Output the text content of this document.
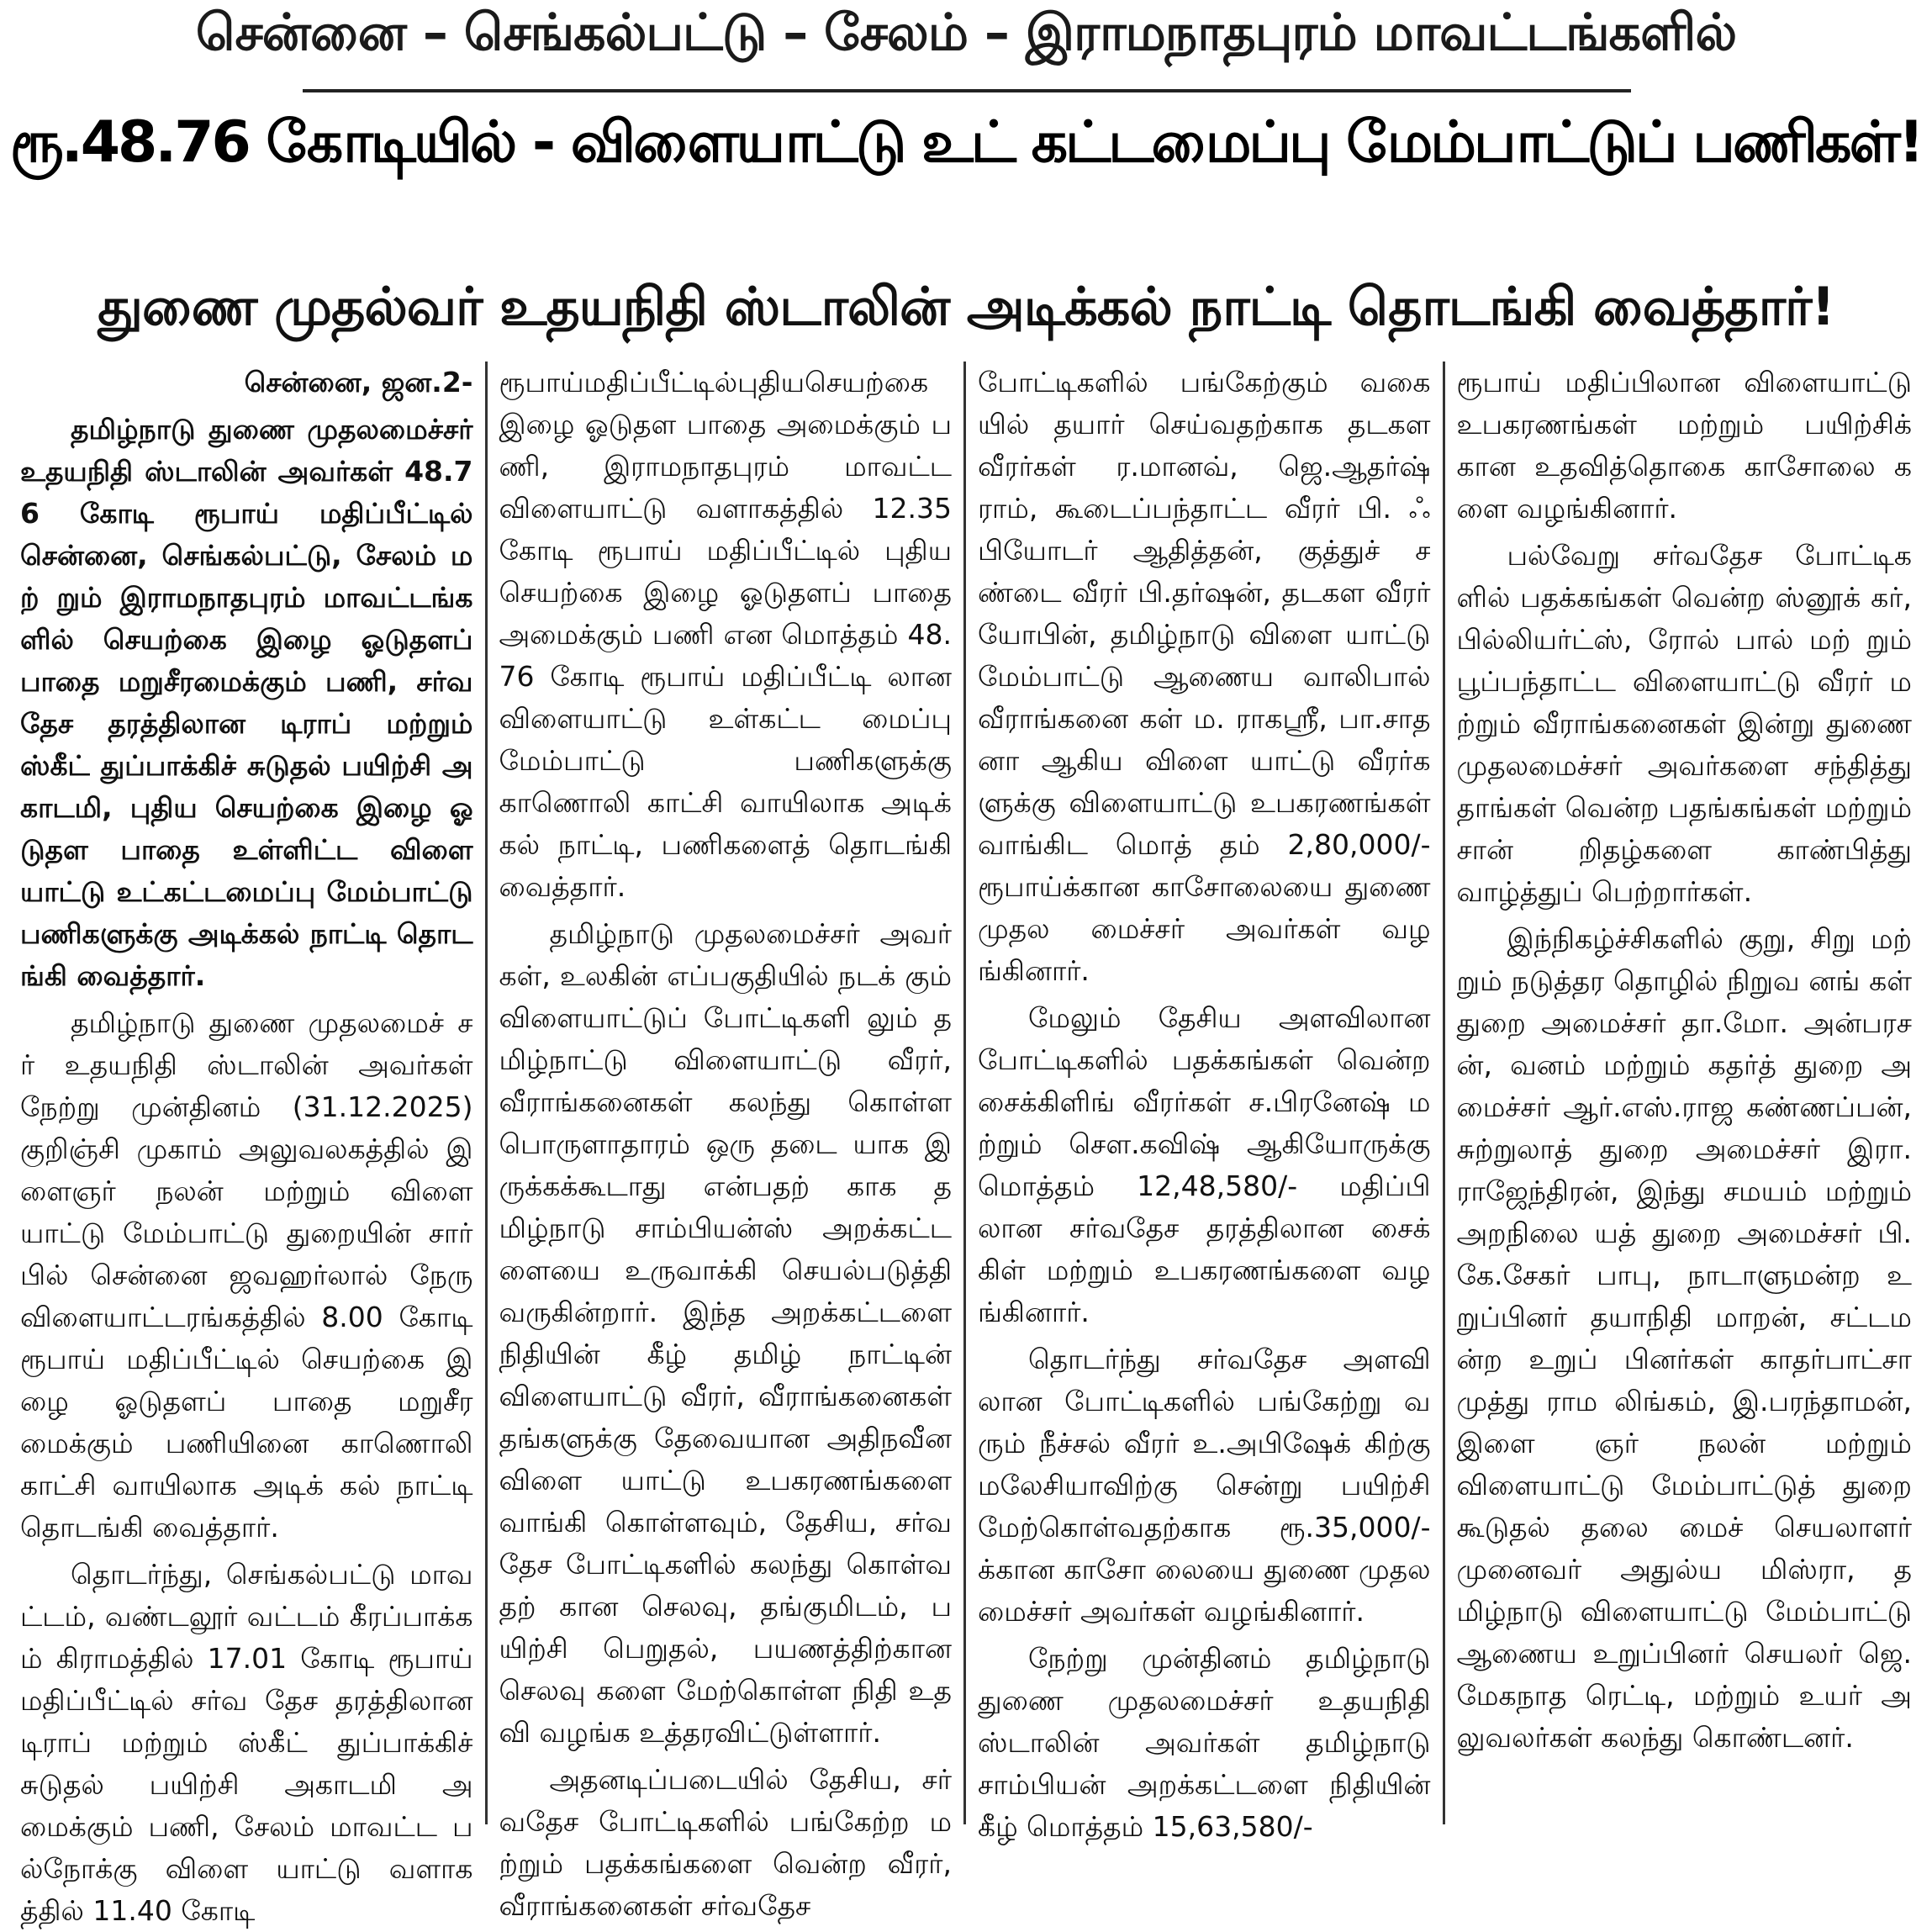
சென்னை – செங்கல்பட்டு – சேலம் – இராமநாதபுரம் மாவட்டங்களில்
ரூ.48.76 கோடியில் - விளையாட்டு உட் கட்டமைப்பு மேம்பாட்டுப் பணிகள்!
துணை முதல்வர் உதயநிதி ஸ்டாலின் அடிக்கல் நாட்டி தொடங்கி வைத்தார்!

சென்னை, ஜன.2-

தமிழ்நாடு துணை முதலமைச்சர் உதயநிதி ஸ்டாலின் அவர்கள் 48.76 கோடி ரூபாய் மதிப்பீட்டில் சென்னை, செங்கல்பட்டு, சேலம் மற் றும் இராமநாதபுரம் மாவட்டங்க ளில் செயற்கை இழை ஓடுதளப் பாதை மறுசீரமைக்கும் பணி, சர்வ தேச தரத்திலான டிராப் மற்றும் ஸ்கீட் துப்பாக்கிச் சுடுதல் பயிற்சி அகாடமி, புதிய செயற்கை இழை ஓடுதள பாதை உள்ளிட்ட விளை யாட்டு உட்கட்டமைப்பு மேம்பாட்டு பணிகளுக்கு அடிக்கல் நாட்டி தொடங்கி வைத்தார்.

தமிழ்நாடு துணை முதலமைச் சர் உதயநிதி ஸ்டாலின் அவர்கள் நேற்று முன்தினம் (31.12.2025) குறிஞ்சி முகாம் அலுவலகத்தில் இளைஞர் நலன் மற்றும் விளை யாட்டு மேம்பாட்டு துறையின் சார் பில் சென்னை ஜவஹர்லால் நேரு விளையாட்டரங்கத்தில் 8.00 கோடி ரூபாய் மதிப்பீட்டில் செயற்கை இழை ஓடுதளப் பாதை மறுசீரமைக்கும் பணியினை காணொலி காட்சி வாயிலாக அடிக் கல் நாட்டி தொடங்கி வைத்தார்.

தொடர்ந்து, செங்கல்பட்டு மாவட்டம், வண்டலூர் வட்டம் கீரப்பாக்கம் கிராமத்தில் 17.01 கோடி ரூபாய் மதிப்பீட்டில் சர்வ தேச தரத்திலான டிராப் மற்றும் ஸ்கீட் துப்பாக்கிச் சுடுதல் பயிற்சி அகாடமி அமைக்கும் பணி, சேலம் மாவட்ட பல்நோக்கு விளை யாட்டு வளாகத்தில் 11.40 கோடி

ரூபாய்மதிப்பீட்டில்புதியசெயற்கை இழை ஓடுதள பாதை அமைக்கும் பணி, இராமநாதபுரம் மாவட்ட விளையாட்டு வளாகத்தில் 12.35 கோடி ரூபாய் மதிப்பீட்டில் புதிய செயற்கை இழை ஓடுதளப் பாதை அமைக்கும் பணி என மொத்தம் 48.76 கோடி ரூபாய் மதிப்பீட்டி லான விளையாட்டு உள்கட்ட மைப்பு மேம்பாட்டு பணிகளுக்கு காணொலி காட்சி வாயிலாக அடிக் கல் நாட்டி, பணிகளைத் தொடங்கி வைத்தார்.

தமிழ்நாடு முதலமைச்சர் அவர் கள், உலகின் எப்பகுதியில் நடக் கும் விளையாட்டுப் போட்டிகளி லும் தமிழ்நாட்டு விளையாட்டு வீரர், வீராங்கனைகள் கலந்து கொள்ள பொருளாதாரம் ஒரு தடை யாக இருக்கக்கூடாது என்பதற் காக தமிழ்நாடு சாம்பியன்ஸ் அறக்கட்டளையை உருவாக்கி செயல்படுத்தி வருகின்றார். இந்த அறக்கட்டளை நிதியின் கீழ் தமிழ் நாட்டின் விளையாட்டு வீரர், வீராங்கனைகள் தங்களுக்கு தேவையான அதிநவீன விளை யாட்டு உபகரணங்களை வாங்கி கொள்ளவும், தேசிய, சர்வதேச போட்டிகளில் கலந்து கொள்வதற் கான செலவு, தங்குமிடம், பயிற்சி பெறுதல், பயணத்திற்கான செலவு களை மேற்கொள்ள நிதி உதவி வழங்க உத்தரவிட்டுள்ளார்.

அதனடிப்படையில் தேசிய, சர் வதேச போட்டிகளில் பங்கேற்ற மற்றும் பதக்கங்களை வென்ற வீரர், வீராங்கனைகள் சர்வதேச

போட்டிகளில் பங்கேற்கும் வகை யில் தயார் செய்வதற்காக தடகள வீரர்கள் ர.மானவ், ஜெ.ஆதர்ஷ் ராம், கூடைப்பந்தாட்ட வீரர் பி. ஃபியோடர் ஆதித்தன், குத்துச் சண்டை வீரர் பி.தர்ஷன், தடகள வீரர் யோபின், தமிழ்நாடு விளை யாட்டு மேம்பாட்டு ஆணைய வாலிபால் வீராங்கனை கள் ம. ராகஸ்ரீ, பா.சாதனா ஆகிய விளை யாட்டு வீரர்களுக்கு விளையாட்டு உபகரணங்கள் வாங்கிட மொத் தம் 2,80,000/- ரூபாய்க்கான காசோலையை துணை முதல மைச்சர் அவர்கள் வழங்கினார்.

மேலும் தேசிய அளவிலான போட்டிகளில் பதக்கங்கள் வென்ற சைக்கிளிங் வீரர்கள் ச.பிரனேஷ் மற்றும் செள.கவிஷ் ஆகியோருக்கு மொத்தம் 12,48,580/- மதிப்பி லான சர்வதேச தரத்திலான சைக் கிள் மற்றும் உபகரணங்களை வழங்கினார்.

தொடர்ந்து சர்வதேச அளவி லான போட்டிகளில் பங்கேற்று வரும் நீச்சல் வீரர் உ.அபிஷேக் கிற்கு மலேசியாவிற்கு சென்று பயிற்சி மேற்கொள்வதற்காக ரூ.35,000/- க்கான காசோ லையை துணை முதலமைச்சர் அவர்கள் வழங்கினார்.

நேற்று முன்தினம் தமிழ்நாடு துணை முதலமைச்சர் உதயநிதி ஸ்டாலின் அவர்கள் தமிழ்நாடு சாம்பியன் அறக்கட்டளை நிதியின் கீழ் மொத்தம் 15,63,580/-

ரூபாய் மதிப்பிலான விளையாட்டு உபகரணங்கள் மற்றும் பயிற்சிக் கான உதவித்தொகை காசோலை களை வழங்கினார்.

பல்வேறு சர்வதேச போட்டிக ளில் பதக்கங்கள் வென்ற ஸ்னூக் கர், பில்லியர்ட்ஸ், ரோல் பால் மற் றும் பூப்பந்தாட்ட விளையாட்டு வீரர் மற்றும் வீராங்கனைகள் இன்று துணை முதலமைச்சர் அவர்களை சந்தித்து தாங்கள் வென்ற பதங்கங்கள் மற்றும் சான் றிதழ்களை காண்பித்து வாழ்த்துப் பெற்றார்கள்.

இந்நிகழ்ச்சிகளில் குறு, சிறு மற் றும் நடுத்தர தொழில் நிறுவ னங் கள் துறை அமைச்சர் தா.மோ. அன்பரசன், வனம் மற்றும் கதர்த் துறை அமைச்சர் ஆர்.எஸ்.ராஜ கண்ணப்பன், சுற்றுலாத் துறை அமைச்சர் இரா. ராஜேந்திரன், இந்து சமயம் மற்றும் அறநிலை யத் துறை அமைச்சர் பி.கே.சேகர் பாபு, நாடாளுமன்ற உறுப்பினர் தயாநிதி மாறன், சட்டமன்ற உறுப் பினர்கள் காதர்பாட்சா முத்து ராம லிங்கம், இ.பரந்தாமன், இளை ஞர் நலன் மற்றும் விளையாட்டு மேம்பாட்டுத் துறை கூடுதல் தலை மைச் செயலாளர் முனைவர் அதுல்ய மிஸ்ரா, தமிழ்நாடு விளையாட்டு மேம்பாட்டு ஆணைய உறுப்பினர் செயலர் ஜெ. மேகநாத ரெட்டி, மற்றும் உயர் அலுவலர்கள் கலந்து கொண்டனர்.
